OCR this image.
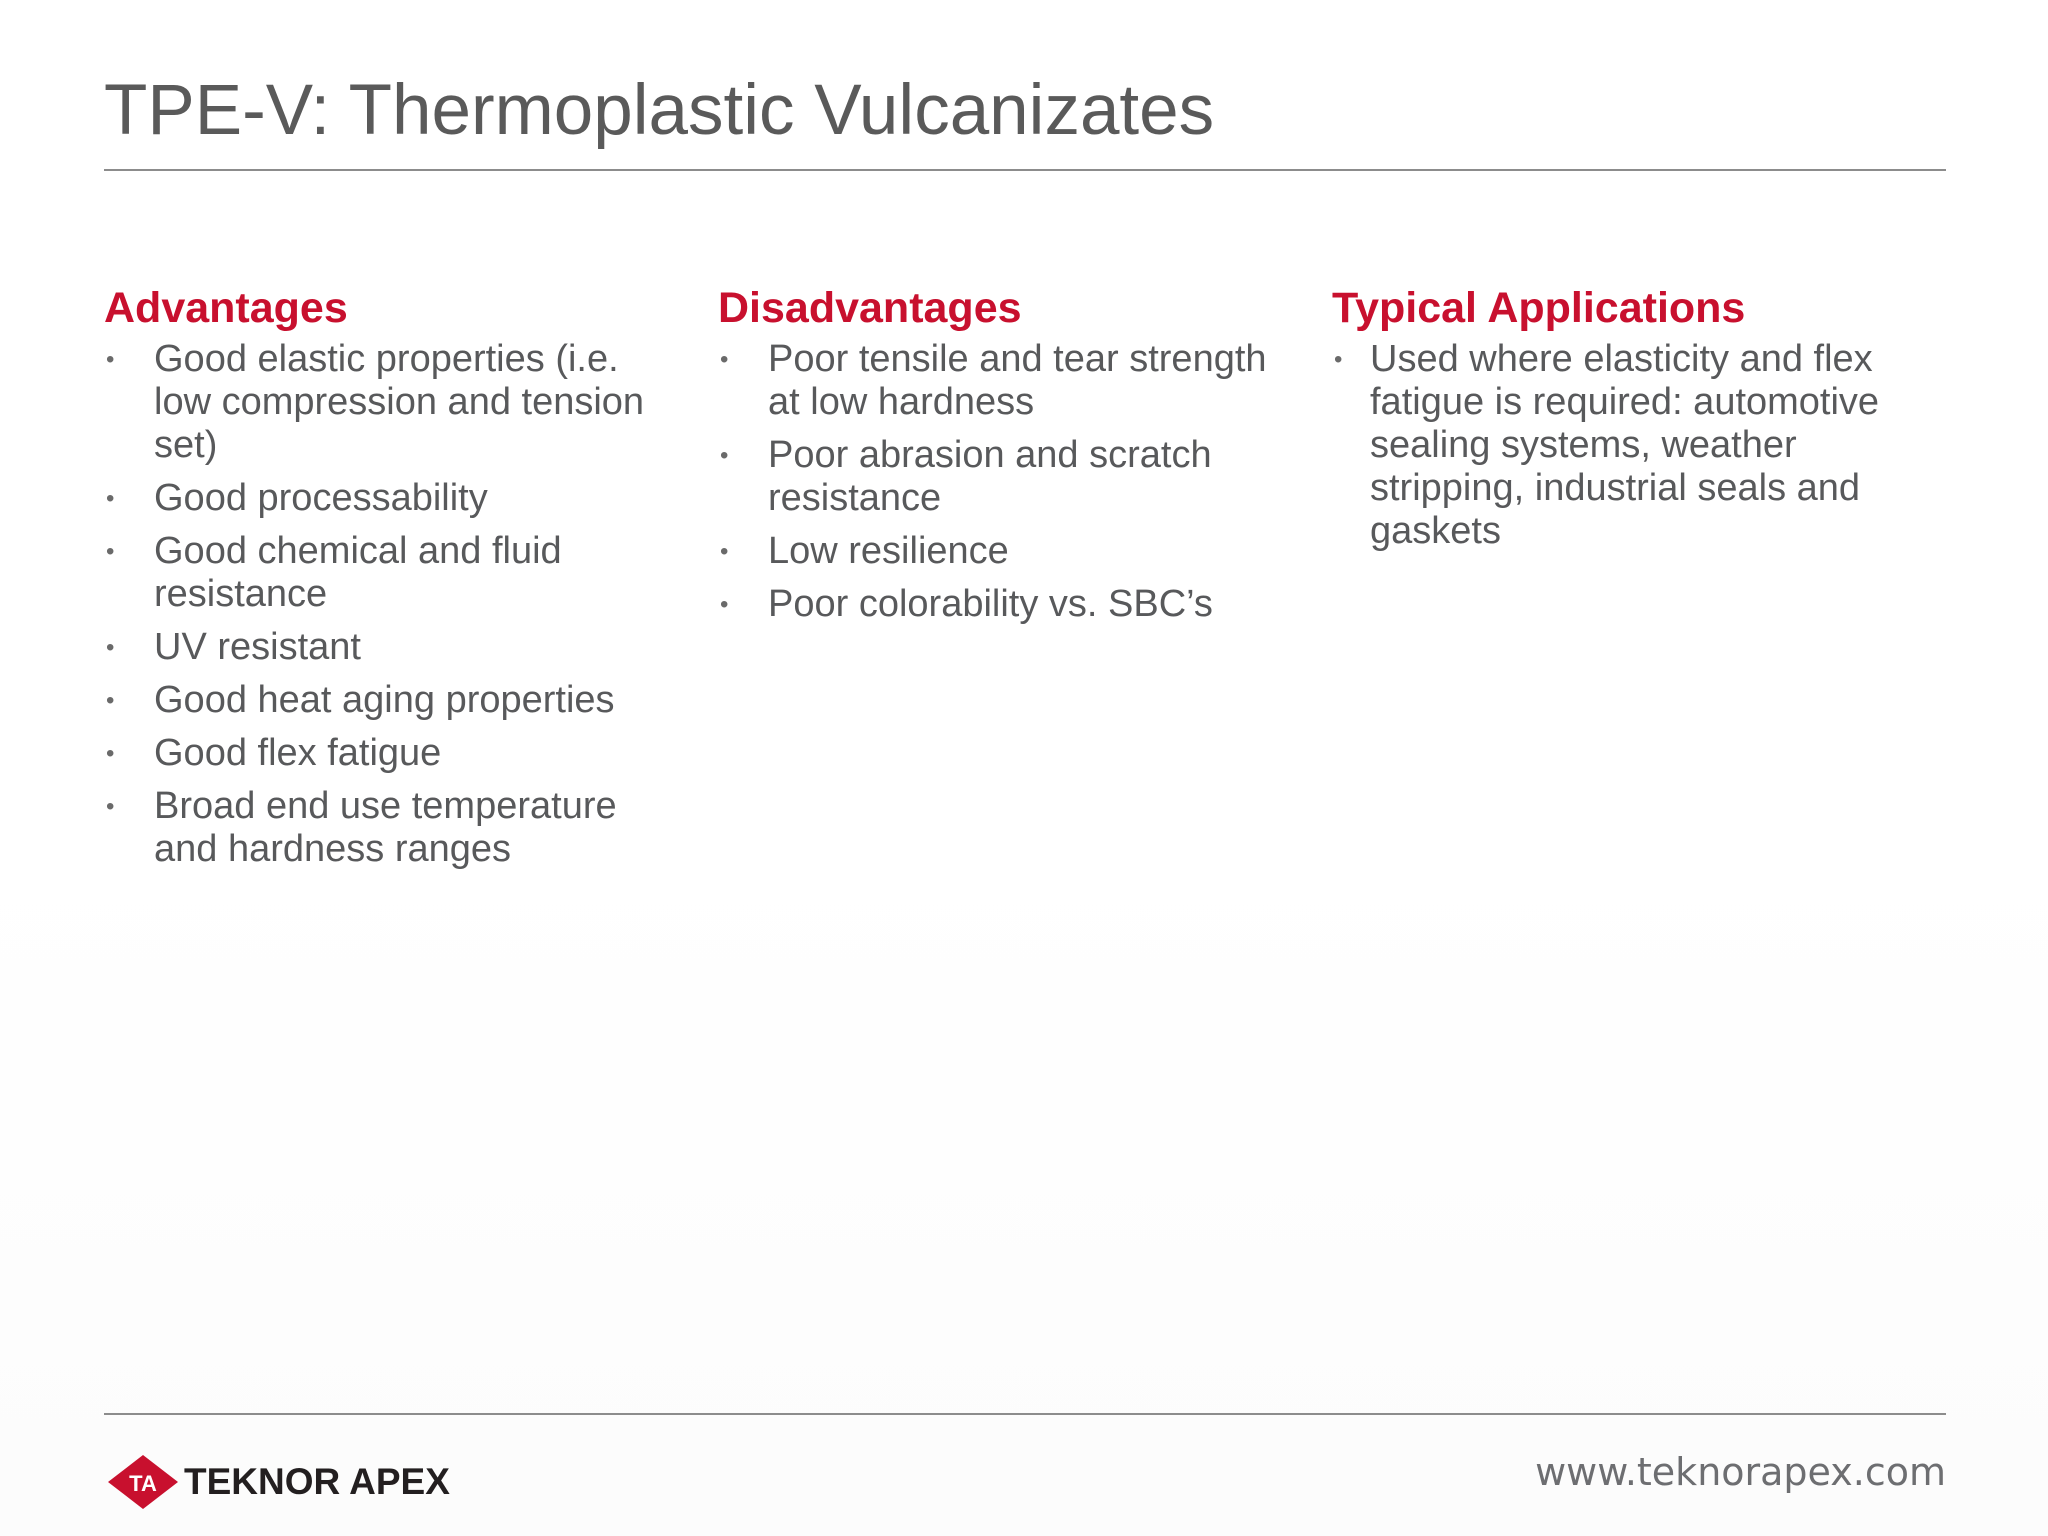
TPE-V: Thermoplastic Vulcanizates
Advantages
• Good elastic properties (i.e. low compression and tension set)
• Good processability
• Good chemical and fluid resistance
• UV resistant
• Good heat aging properties
• Good flex fatigue
• Broad end use temperature and hardness ranges
Disadvantages
• Poor tensile and tear strength at low hardness
• Poor abrasion and scratch resistance
• Low resilience
• Poor colorability vs. SBC’s
Typical Applications
• Used where elasticity and flex fatigue is required: automotive sealing systems, weather stripping, industrial seals and gaskets
TA TEKNOR APEX	www.teknorapex.com
